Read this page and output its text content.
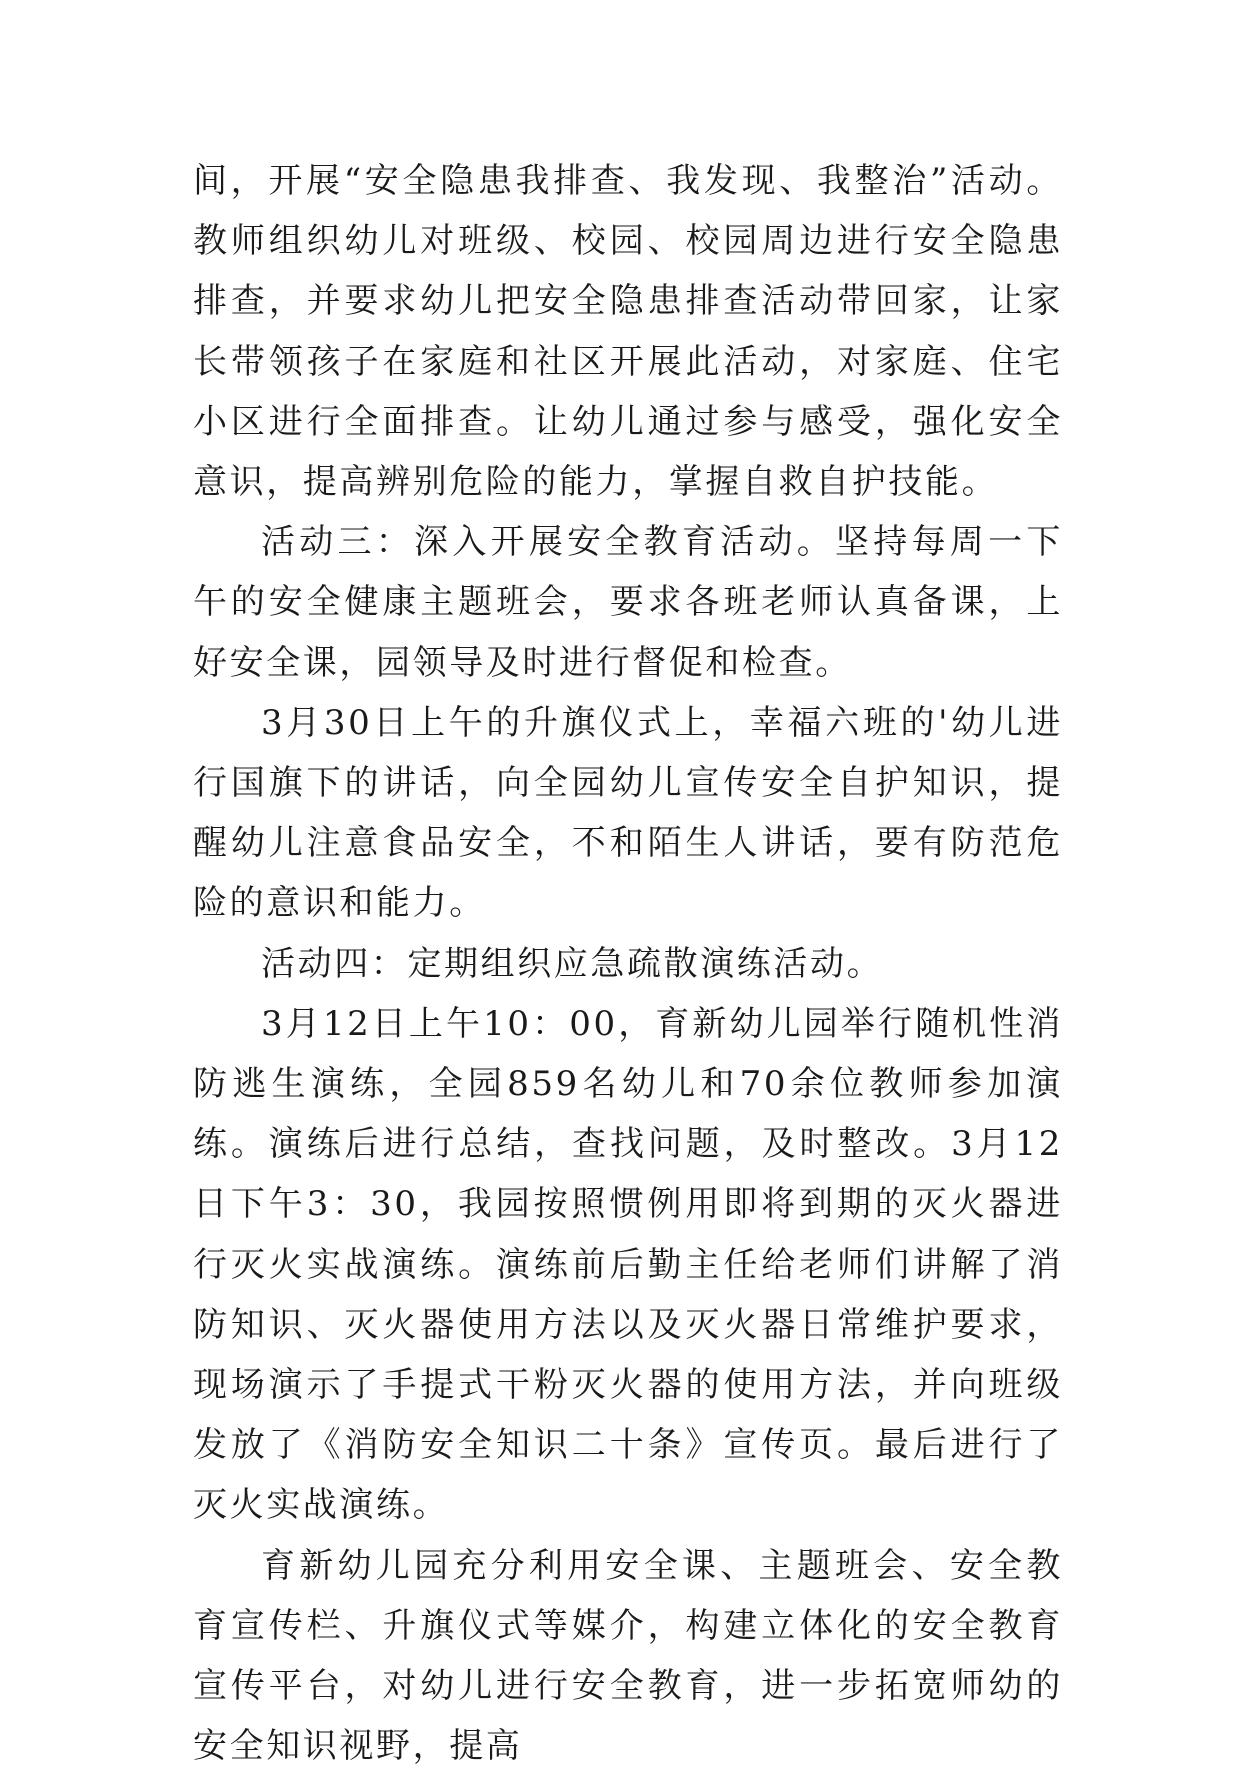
间，开展“安全隐患我排查、我发现、我整治”活动。教师组织幼儿对班级、校园、校园周边进行安全隐患排查，并要求幼儿把安全隐患排查活动带回家，让家长带领孩子在家庭和社区开展此活动，对家庭、住宅小区进行全面排查。让幼儿通过参与感受，强化安全意识，提高辨别危险的能力，掌握自救自护技能。

活动三：深入开展安全教育活动。坚持每周一下午的安全健康主题班会，要求各班老师认真备课，上好安全课，园领导及时进行督促和检查。

3月30日上午的升旗仪式上，幸福六班的'幼儿进行国旗下的讲话，向全园幼儿宣传安全自护知识，提醒幼儿注意食品安全，不和陌生人讲话，要有防范危险的意识和能力。

活动四：定期组织应急疏散演练活动。

3月12日上午10：00，育新幼儿园举行随机性消防逃生演练，全园859名幼儿和70余位教师参加演练。演练后进行总结，查找问题，及时整改。3月12日下午3：30，我园按照惯例用即将到期的灭火器进行灭火实战演练。演练前后勤主任给老师们讲解了消防知识、灭火器使用方法以及灭火器日常维护要求，现场演示了手提式干粉灭火器的使用方法，并向班级发放了《消防安全知识二十条》宣传页。最后进行了灭火实战演练。

育新幼儿园充分利用安全课、主题班会、安全教育宣传栏、升旗仪式等媒介，构建立体化的安全教育宣传平台，对幼儿进行安全教育，进一步拓宽师幼的安全知识视野，提高
